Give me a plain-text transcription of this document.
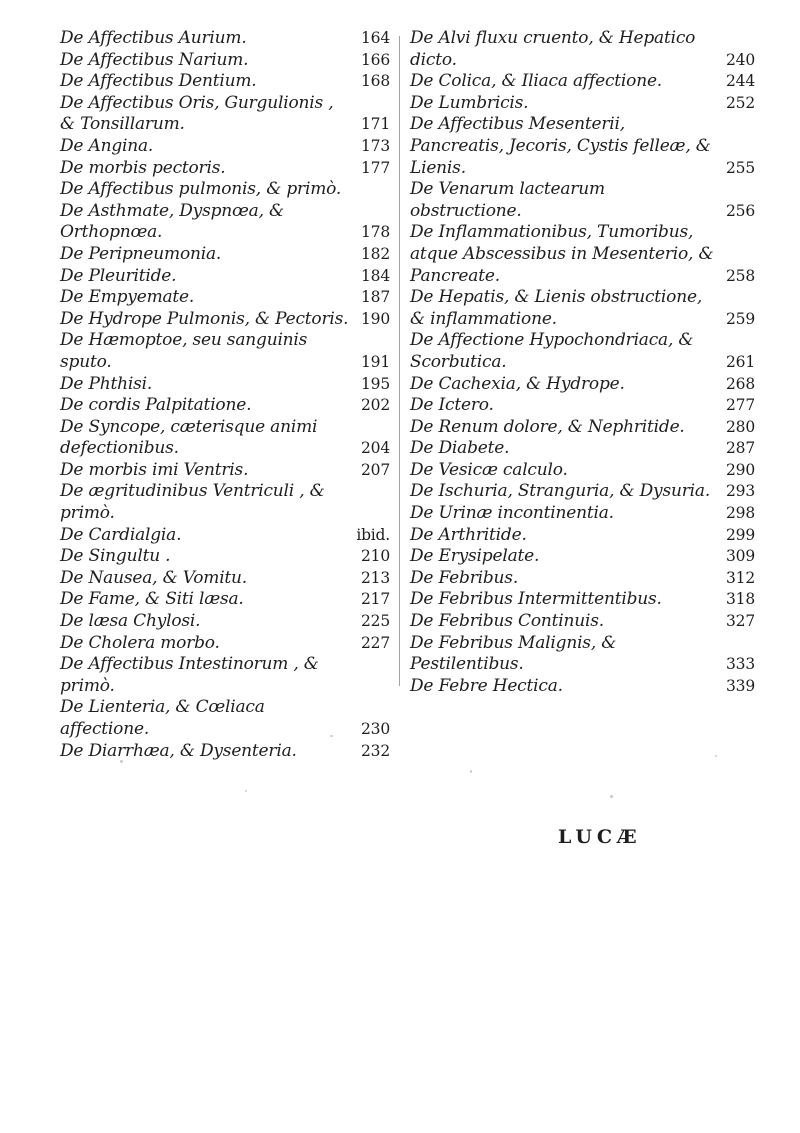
De Affectibus Aurium.	164
De Affectibus Narium.	166
De Affectibus Dentium.	168
De Affectibus Oris, Gurgulionis , & Tonsillarum.	171
De Angina.	173
De morbis pectoris.	177
De Affectibus pulmonis, & primò. De Asthmate, Dyspnœa, & Orthopnœa.	178
De Peripneumonia.	182
De Pleuritide.	184
De Empyemate.	187
De Hydrope Pulmonis, & Pectoris. 190
De Hæmoptoe, seu sanguinis sputo.	191
De Phthisi.	195
De cordis Palpitatione.	202
De Syncope, cæterisque animi defectionibus.	204
De morbis imi Ventris.	207
De ægritudinibus Ventriculi , & primò.
De Cardialgia.	ibid.
De Singultu .	210
De Nausea, & Vomitu.	213
De Fame, & Siti læsa.	217
De læsa Chylosi.	225
De Cholera morbo.	227
De Affectibus Intestinorum , & primò.
De Lienteria, & Cœliaca affectione.	230
De Diarrhæa, & Dysenteria.	232
De Alvi fluxu cruento, & Hepatico dicto.	240
De Colica, & Iliaca affectione.	244
De Lumbricis.	252
De Affectibus Mesenterii, Pancreatis, Jecoris, Cystis felleæ, & Lienis.	255
De Venarum lactearum obstructione.	256
De Inflammationibus, Tumoribus, atque Abscessibus in Mesenterio, & Pancreate.	258
De Hepatis, & Lienis obstructione, & inflammatione.	259
De Affectione Hypochondriaca, & Scorbutica.	261
De Cachexia, & Hydrope.	268
De Ictero.	277
De Renum dolore, & Nephritide.	280
De Diabete.	287
De Vesicæ calculo.	290
De Ischuria, Stranguria, & Dysuria.	293
De Urinæ incontinentia.	298
De Arthritide.	299
De Erysipelate.	309
De Febribus.	312
De Febribus Intermittentibus.	318
De Febribus Continuis.	327
De Febribus Malignis, & Pestilentibus.	333
De Febre Hectica.	339
LUCÆ
